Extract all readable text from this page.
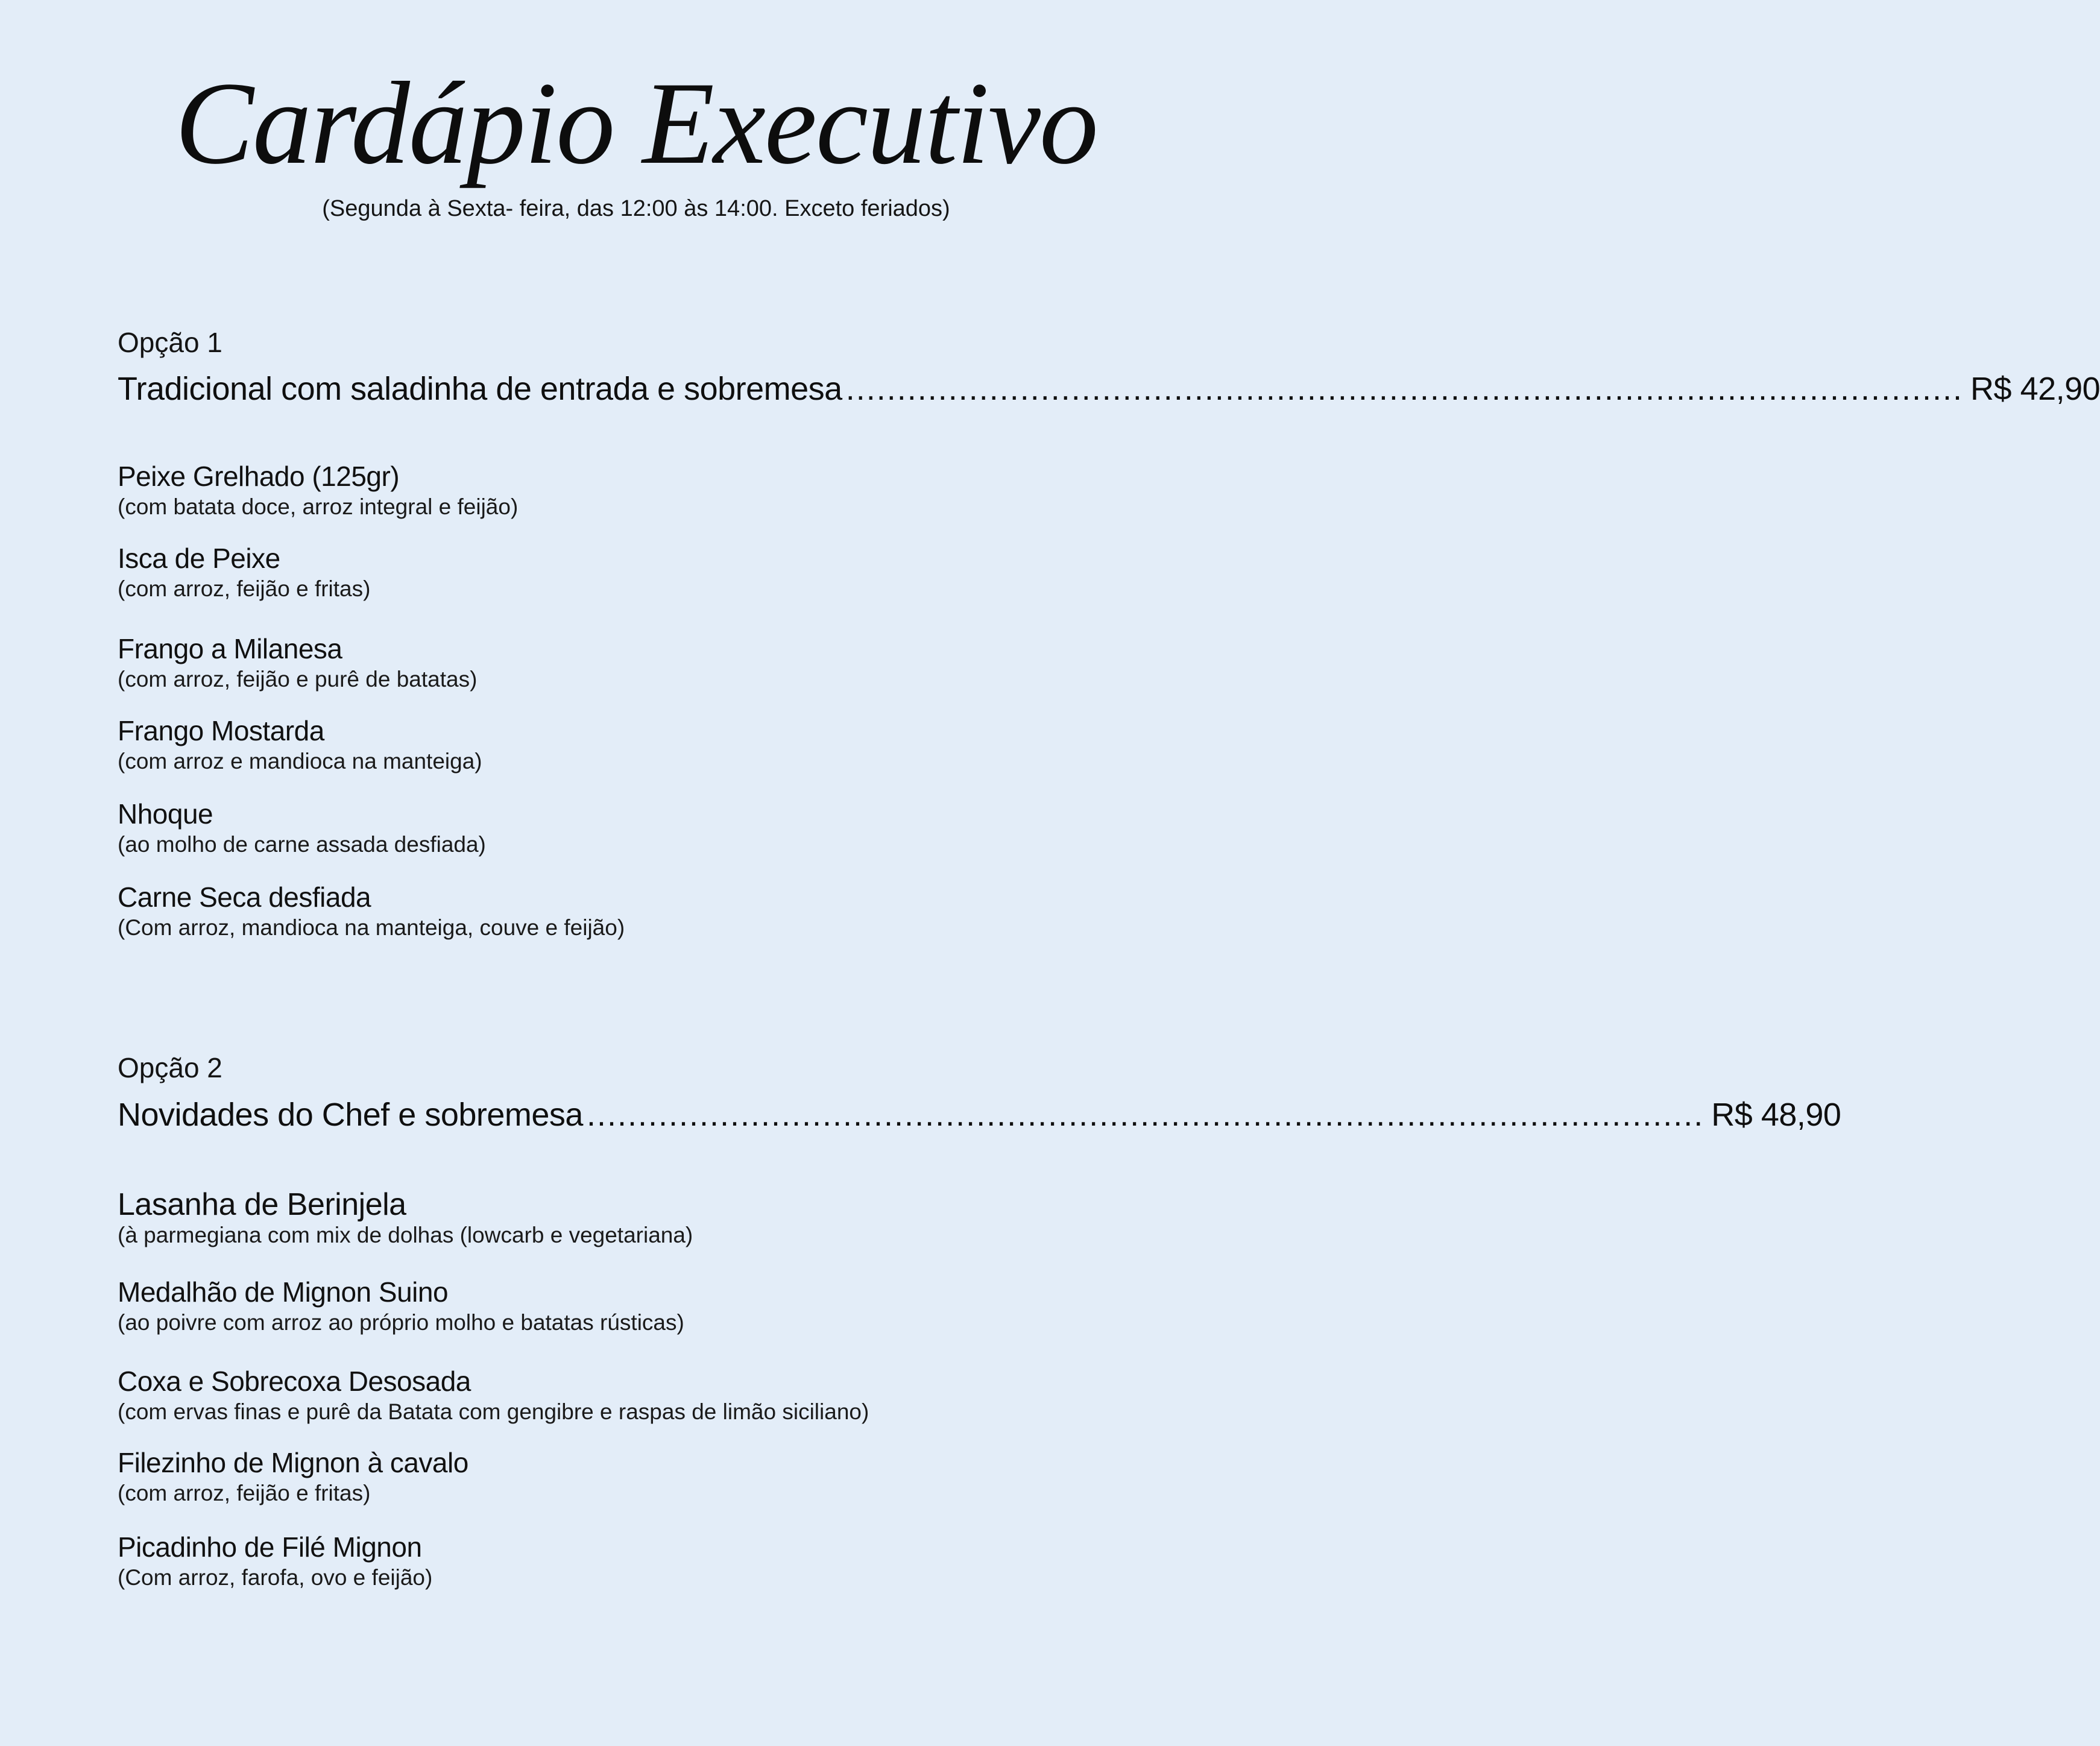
Cardápio Executivo
(Segunda à Sexta- feira, das 12:00 às 14:00. Exceto feriados)
Opção 1
Tradicional com saladinha de entrada e sobremesa ............................................................................................................. R$ 42,90
Peixe Grelhado (125gr)
(com batata doce, arroz integral e feijão)
Isca de Peixe
(com arroz, feijão e fritas)
Frango a Milanesa
(com arroz, feijão e purê de batatas)
Frango Mostarda
(com arroz e mandioca na manteiga)
Nhoque
(ao molho de carne assada desfiada)
Carne Seca desfiada
(Com arroz, mandioca na manteiga, couve e feijão)
Opção 2
Novidades do Chef e sobremesa ............................................................................................................. R$ 48,90
Lasanha de Berinjela
(à parmegiana com mix de dolhas (lowcarb e vegetariana)
Medalhão de Mignon Suino
(ao poivre com arroz ao próprio molho e batatas rústicas)
Coxa e Sobrecoxa Desosada
(com ervas finas e purê da Batata com gengibre e raspas de limão siciliano)
Filezinho de Mignon à cavalo
(com arroz, feijão e fritas)
Picadinho de Filé Mignon
(Com arroz, farofa, ovo e feijão)
